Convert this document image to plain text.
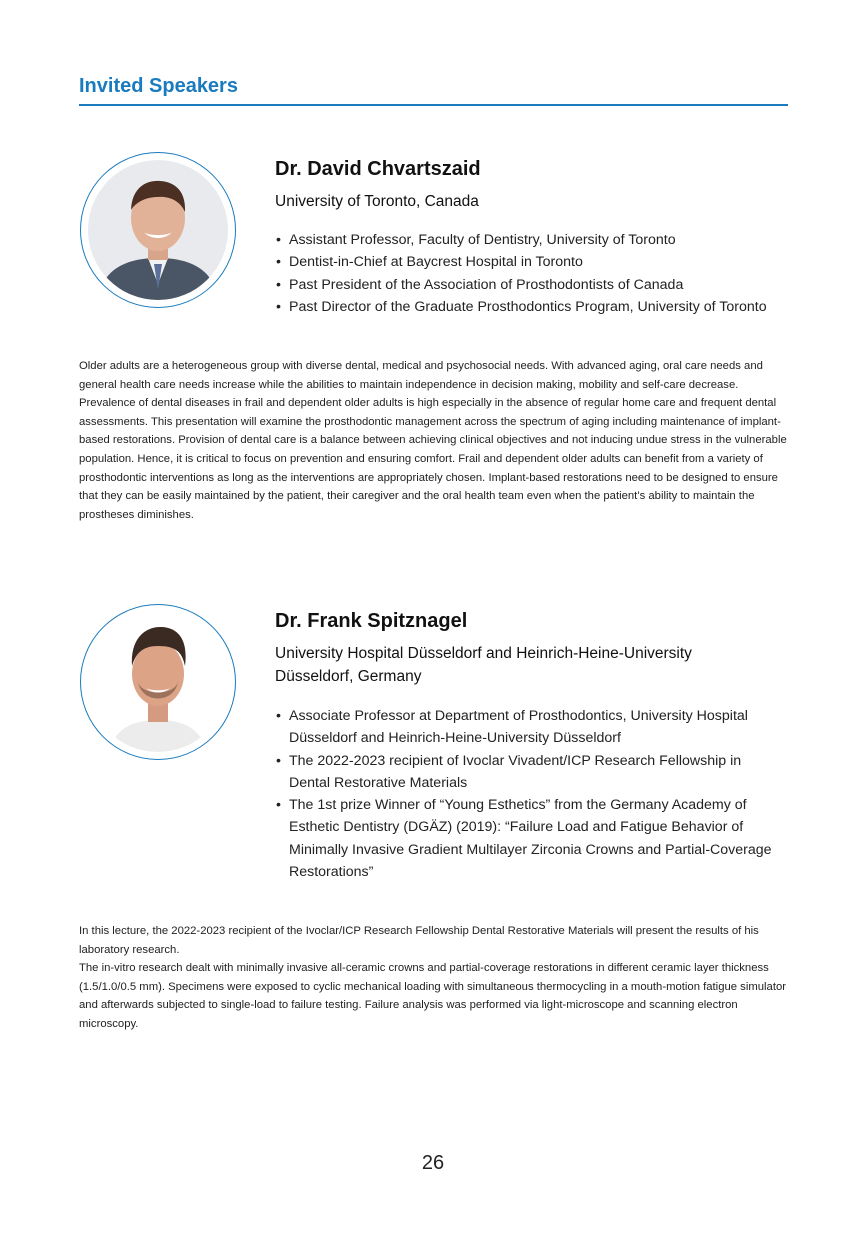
Invited Speakers
Dr. David Chvartszaid
University of Toronto, Canada
• Assistant Professor, Faculty of Dentistry, University of Toronto
• Dentist-in-Chief at Baycrest Hospital in Toronto
• Past President of the Association of Prosthodontists of Canada
• Past Director of the Graduate Prosthodontics Program, University of Toronto

Older adults are a heterogeneous group with diverse dental, medical and psychosocial needs. With advanced aging, oral care needs and general health care needs increase while the abilities to maintain independence in decision making, mobility and self-care decrease. Prevalence of dental diseases in frail and dependent older adults is high especially in the absence of regular home care and frequent dental assessments. This presentation will examine the prosthodontic management across the spectrum of aging including maintenance of implant-based restorations. Provision of dental care is a balance between achieving clinical objectives and not inducing undue stress in the vulnerable population. Hence, it is critical to focus on prevention and ensuring comfort. Frail and dependent older adults can benefit from a variety of prosthodontic interventions as long as the interventions are appropriately chosen. Implant-based restorations need to be designed to ensure that they can be easily maintained by the patient, their caregiver and the oral health team even when the patient’s ability to maintain the prostheses diminishes.

Dr. Frank Spitznagel
University Hospital Düsseldorf and Heinrich-Heine-University
Düsseldorf, Germany
• Associate Professor at Department of Prosthodontics, University Hospital Düsseldorf and Heinrich-Heine-University Düsseldorf
• The 2022-2023 recipient of Ivoclar Vivadent/ICP Research Fellowship in Dental Restorative Materials
• The 1st prize Winner of “Young Esthetics” from the Germany Academy of Esthetic Dentistry (DGÄZ) (2019): “Failure Load and Fatigue Behavior of Minimally Invasive Gradient Multilayer Zirconia Crowns and Partial-Coverage Restorations”
In this lecture, the 2022-2023 recipient of the Ivoclar/ICP Research Fellowship Dental Restorative Materials will present the results of his laboratory research.
The in-vitro research dealt with minimally invasive all-ceramic crowns and partial-coverage restorations in different ceramic layer thickness (1.5/1.0/0.5 mm). Specimens were exposed to cyclic mechanical loading with simultaneous thermocycling in a mouth-motion fatigue simulator and afterwards subjected to single-load to failure testing. Failure analysis was performed via light-microscope and scanning electron microscopy.
26
